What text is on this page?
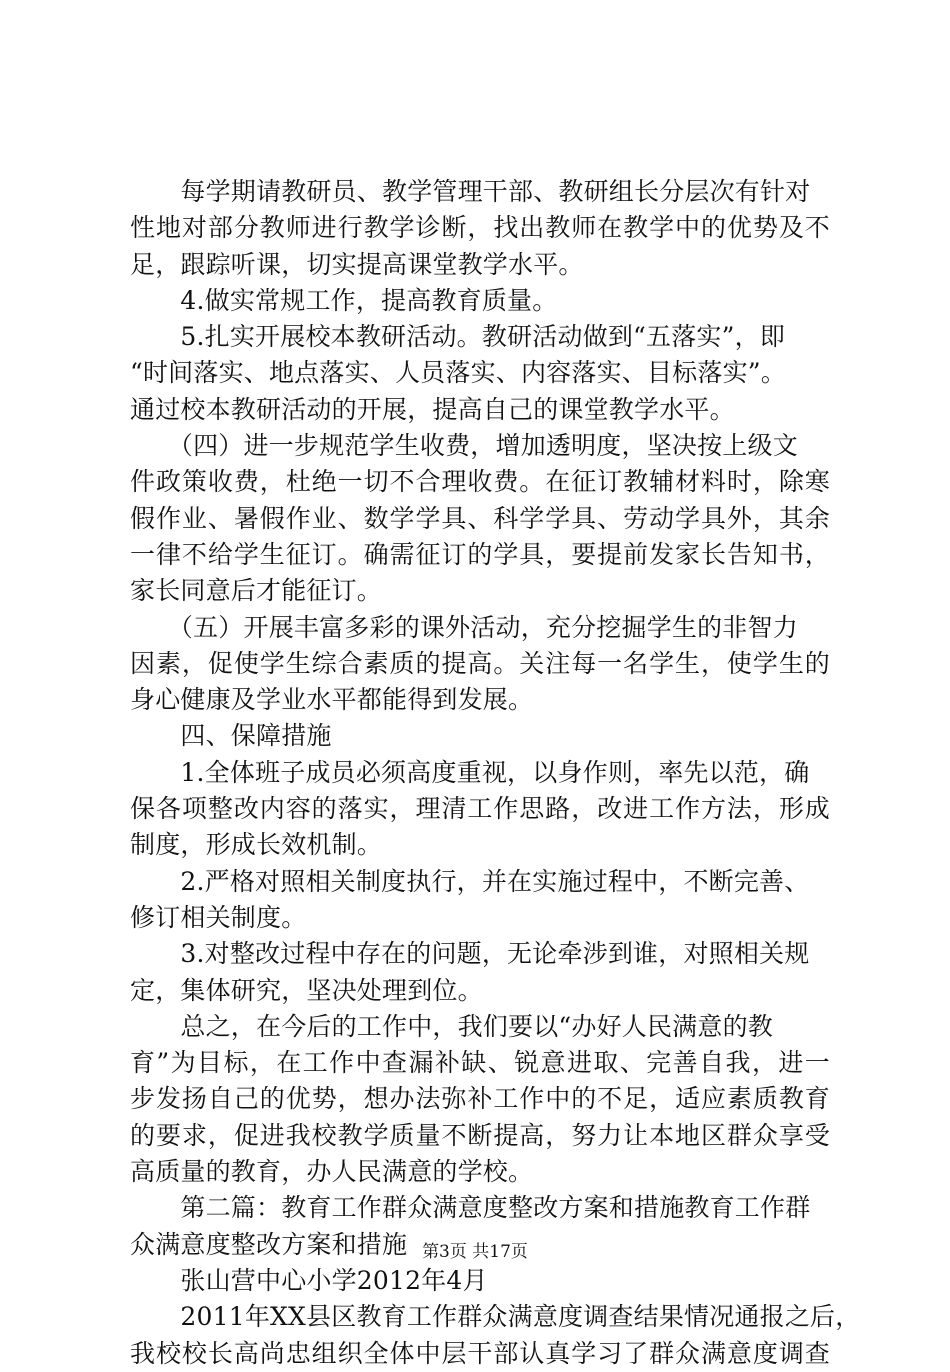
　　每学期请教研员、教学管理干部、教研组长分层次有针对
性地对部分教师进行教学诊断，找出教师在教学中的优势及不
足，跟踪听课，切实提高课堂教学水平。
　　4.做实常规工作，提高教育质量。
　　5.扎实开展校本教研活动。教研活动做到“五落实”，即
“时间落实、地点落实、人员落实、内容落实、目标落实”。
通过校本教研活动的开展，提高自己的课堂教学水平。
　　（四）进一步规范学生收费，增加透明度，坚决按上级文
件政策收费，杜绝一切不合理收费。在征订教辅材料时，除寒
假作业、暑假作业、数学学具、科学学具、劳动学具外，其余
一律不给学生征订。确需征订的学具，要提前发家长告知书，
家长同意后才能征订。
　　（五）开展丰富多彩的课外活动，充分挖掘学生的非智力
因素，促使学生综合素质的提高。关注每一名学生，使学生的
身心健康及学业水平都能得到发展。
　　四、保障措施
　　1.全体班子成员必须高度重视，以身作则，率先以范，确
保各项整改内容的落实，理清工作思路，改进工作方法，形成
制度，形成长效机制。
　　2.严格对照相关制度执行，并在实施过程中，不断完善、
修订相关制度。
　　3.对整改过程中存在的问题，无论牵涉到谁，对照相关规
定，集体研究，坚决处理到位。
　　总之，在今后的工作中，我们要以“办好人民满意的教
育”为目标，在工作中查漏补缺、锐意进取、完善自我，进一
步发扬自己的优势，想办法弥补工作中的不足，适应素质教育
的要求，促进我校教学质量不断提高，努力让本地区群众享受
高质量的教育，办人民满意的学校。
　　第二篇：教育工作群众满意度整改方案和措施教育工作群
众满意度整改方案和措施
　　张山营中心小学2012年4月
　　2011年XX县区教育工作群众满意度调查结果情况通报之后，
我校校长高尚忠组织全体中层干部认真学习了群众满意度调查
第3页 共17页
